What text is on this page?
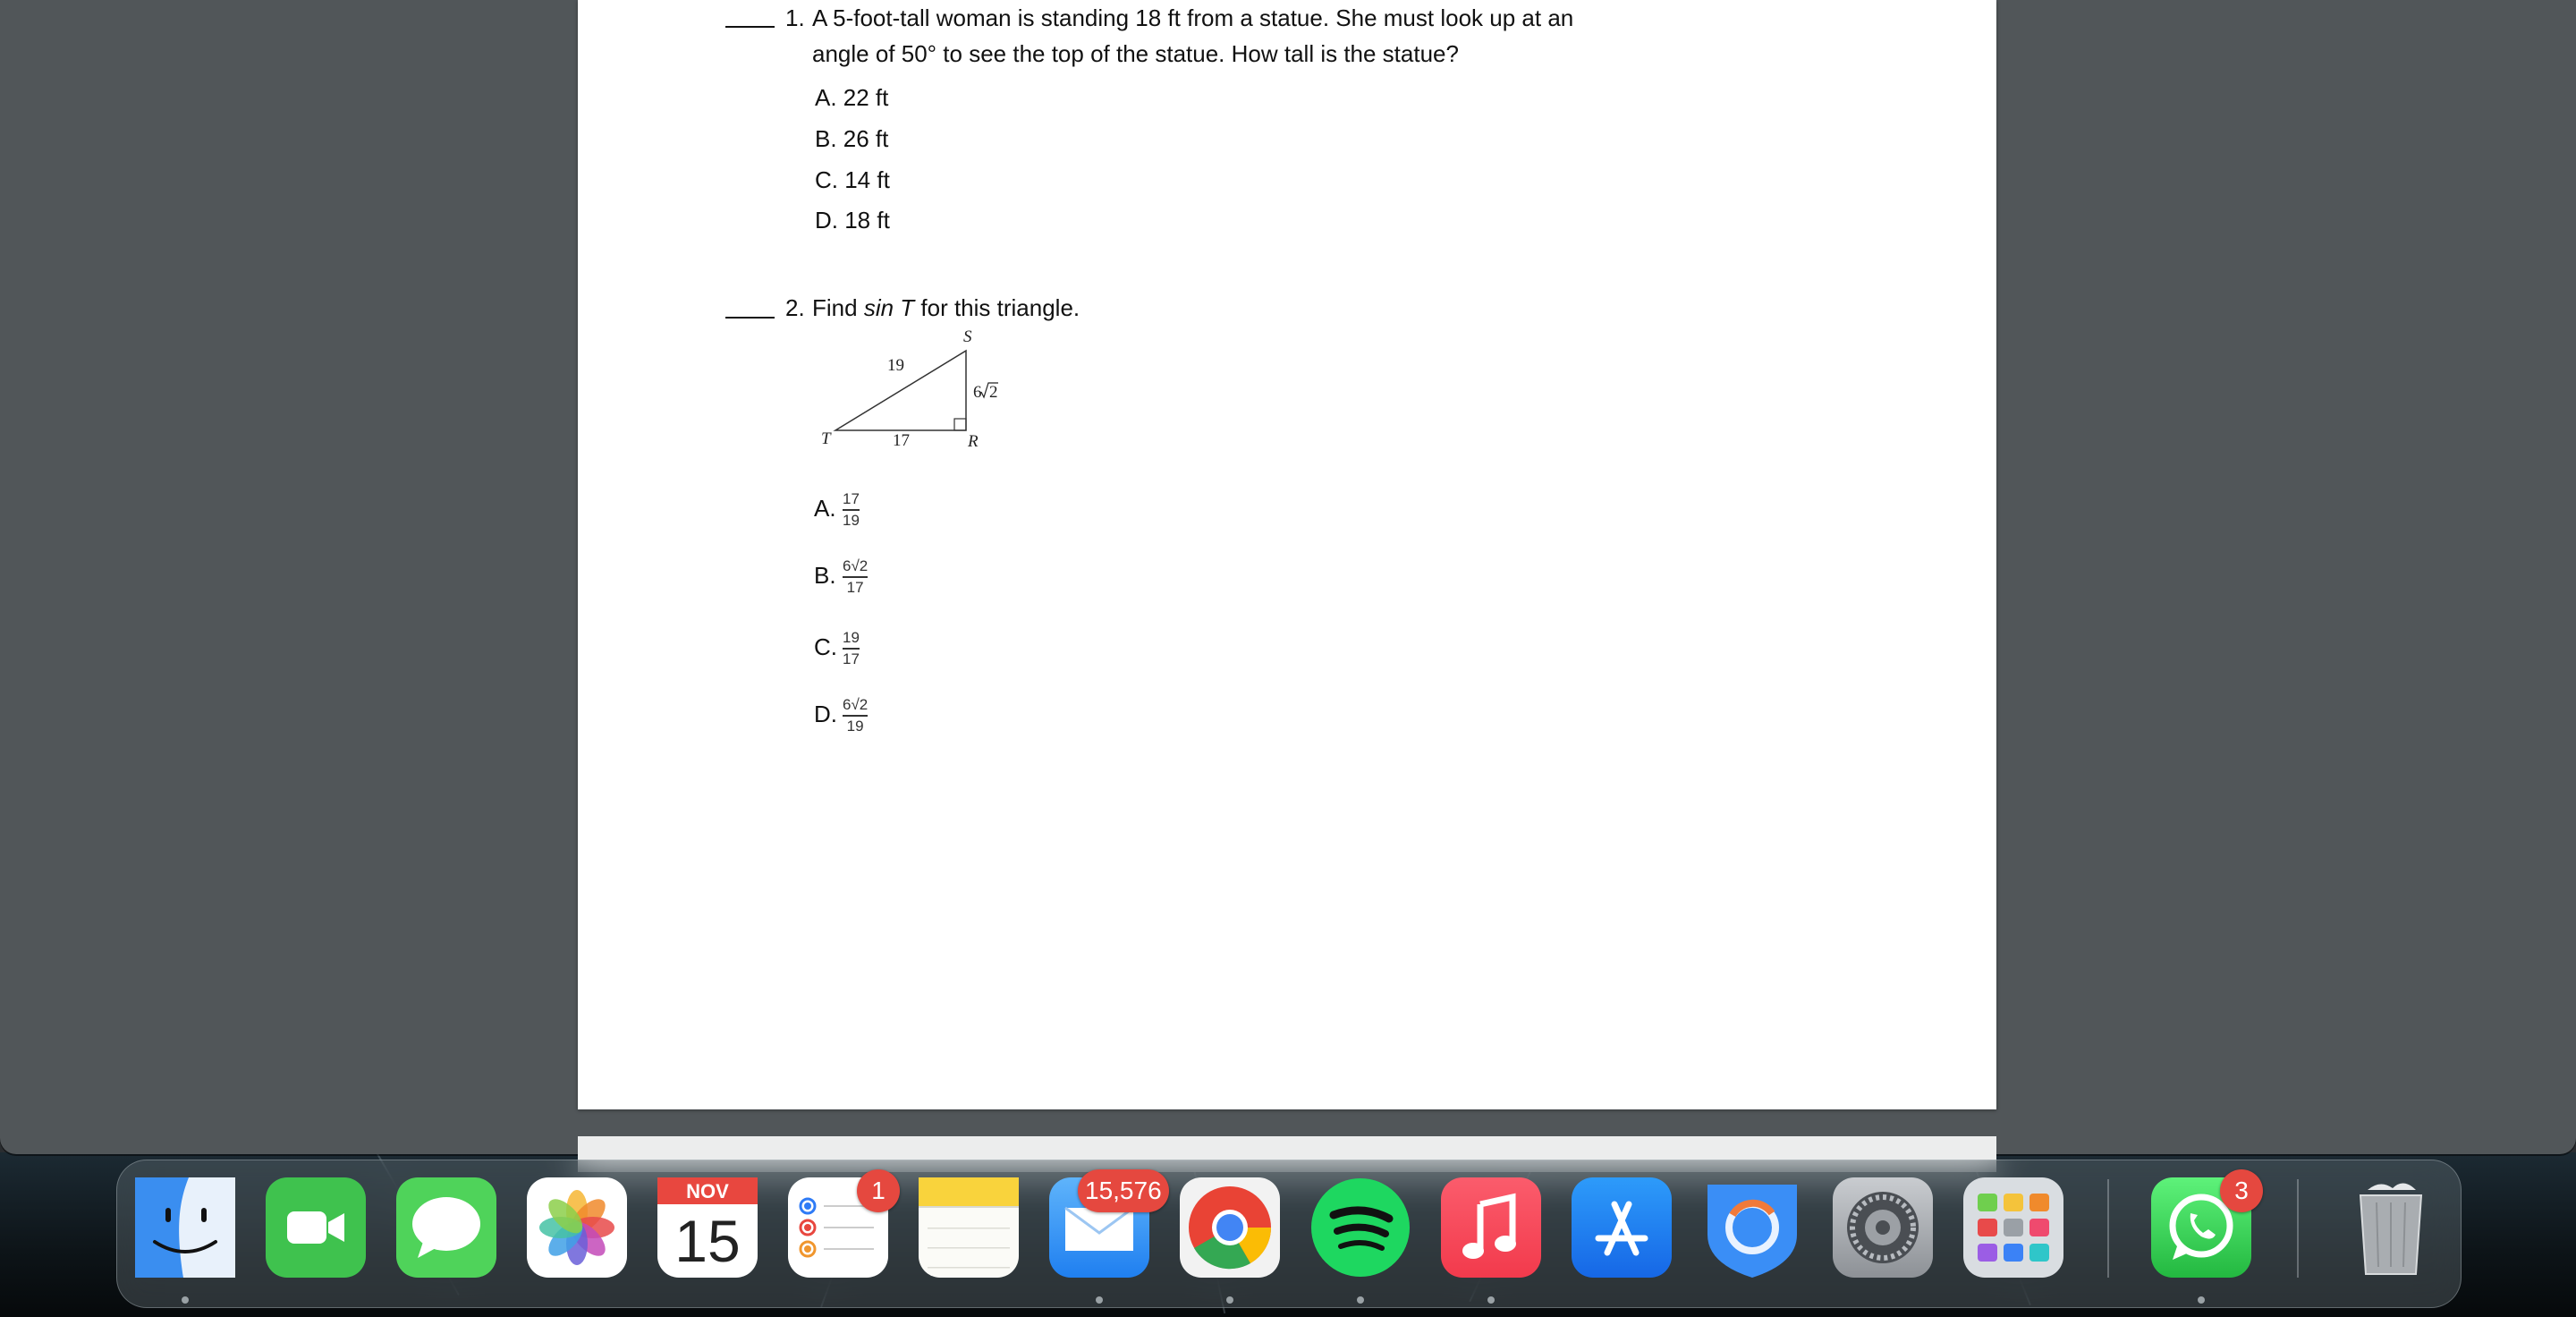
1. A 5-foot-tall woman is standing 18 ft from a statue. She must look up at an
angle of 50° to see the top of the statue. How tall is the statue?
A. 22 ft
B. 26 ft
C. 14 ft
D. 18 ft
2. Find sin T for this triangle.
S
T	R
19
17
6 2
A. 17
19
B. 6√2
17
C. 19
17
D. 6√2
19
NOV
15
1	15,576	3
